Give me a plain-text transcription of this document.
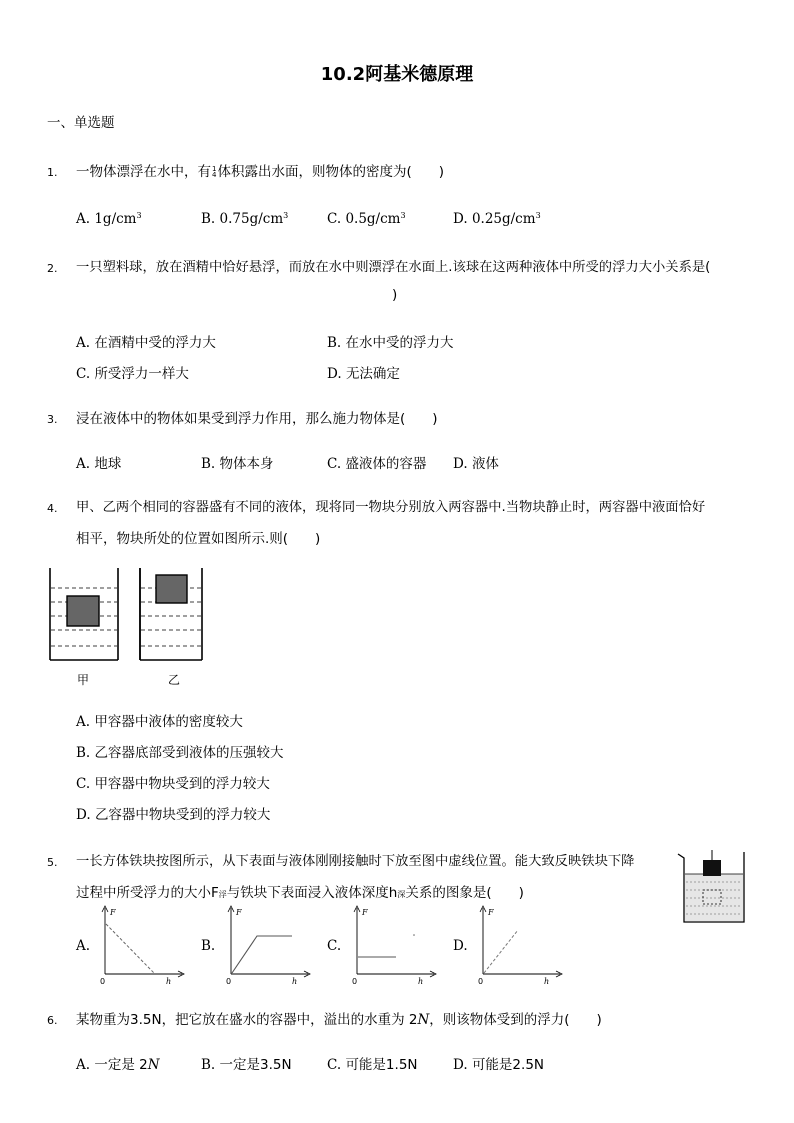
10.2阿基米德原理
一、单选题
1. 一物体漂浮在水中，有 1
4 体积露出水面，则物体的密度为(　　)
A. $1g/cm^3$	B. $0.75g/cm^3$	C. $0.5g/cm^3$	D. $0.25g/cm^3$
2. 一只塑料球，放在酒精中恰好悬浮，而放在水中则漂浮在水面上.该球在这两种液体中所受的浮力大小关系是(
)
A. 在酒精中受的浮力大	B. 在水中受的浮力大
C. 所受浮力一样大	D. 无法确定
3. 浸在液体中的物体如果受到浮力作用，那么施力物体是(　　)
A. 地球	B. 物体本身	C. 盛液体的容器 D. 液体
4. 甲、乙两个相同的容器盛有不同的液体，现将同一物块分别放入两容器中.当物块静止时，两容器中液面恰好
相平，物块所处的位置如图所示.则(　　)
甲	乙
A. 甲容器中液体的密度较大
B. 乙容器底部受到液体的压强较大
C. 甲容器中物块受到的浮力较大
D. 乙容器中物块受到的浮力较大
5. 一长方体铁块按图所示，从下表面与液体刚刚接触时下放至图中虚线位置。能大致反映铁块下降
过程中所受浮力的大小F浮与铁块下表面浸入液体深度h深关系的图象是(　　)
A.	B.	C.	D.
F
h
0
F
h
0
F
h
0
F
h
0
6. 某物重为3.5N，把它放在盛水的容器中，溢出的水重为 2N，则该物体受到的浮力(　　)
A. 一定是 2N	B. 一定是3.5N	C. 可能是1.5N	D. 可能是2.5N
